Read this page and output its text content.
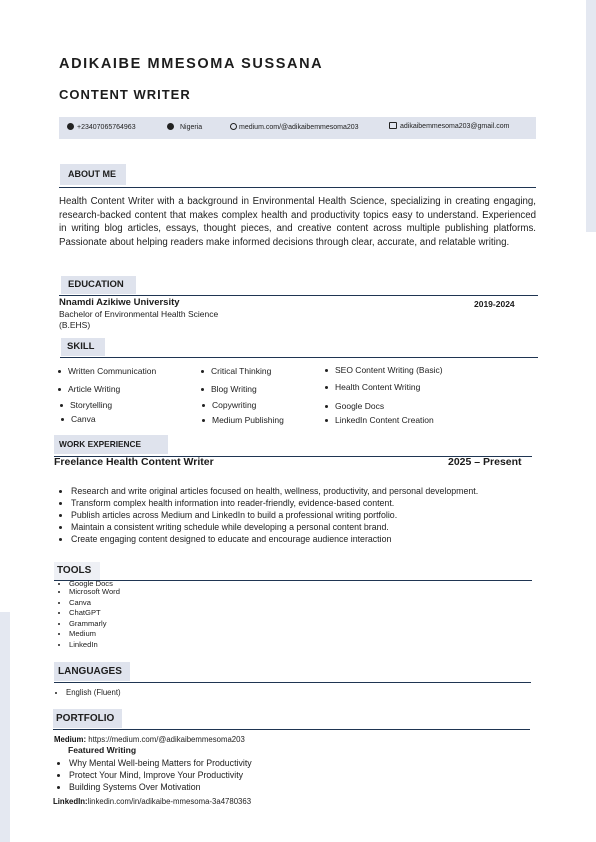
ADIKAIBE MMESOMA SUSSANA
CONTENT WRITER
+23407065764963	Nigeria	medium.com/@adikaibemmesoma203	adikaibemmesoma203@gmail.com
ABOUT ME
Health Content Writer with a background in Environmental Health Science, specializing in creating engaging, research-backed content that makes complex health and productivity topics easy to understand. Experienced in writing blog articles, essays, thought pieces, and creative content across multiple publishing platforms. Passionate about helping readers make informed decisions through clear, accurate, and relatable writing.
EDUCATION
Nnamdi Azikiwe University
Bachelor of Environmental Health Science
(B.EHS)
2019-2024
SKILL
Written Communication
Article Writing
Storytelling
Canva
Critical Thinking
Blog Writing
Copywriting
Medium Publishing
SEO Content Writing (Basic)
Health Content Writing
Google Docs
LinkedIn Content Creation
WORK EXPERIENCE
Freelance Health Content Writer	2025 – Present
• Research and write original articles focused on health, wellness, productivity, and personal development.
• Transform complex health information into reader-friendly, evidence-based content.
• Publish articles across Medium and LinkedIn to build a professional writing portfolio.
• Maintain a consistent writing schedule while developing a personal content brand.
• Create engaging content designed to educate and encourage audience interaction
TOOLS
• Google Docs
• Microsoft Word
• Canva
• ChatGPT
• Grammarly
• Medium
• LinkedIn
LANGUAGES
• English (Fluent)
PORTFOLIO
Medium: https://medium.com/@adikaibemmesoma203
Featured Writing
• Why Mental Well-being Matters for Productivity
• Protect Your Mind, Improve Your Productivity
• Building Systems Over Motivation
LinkedIn:linkedin.com/in/adikaibe-mmesoma-3a4780363
